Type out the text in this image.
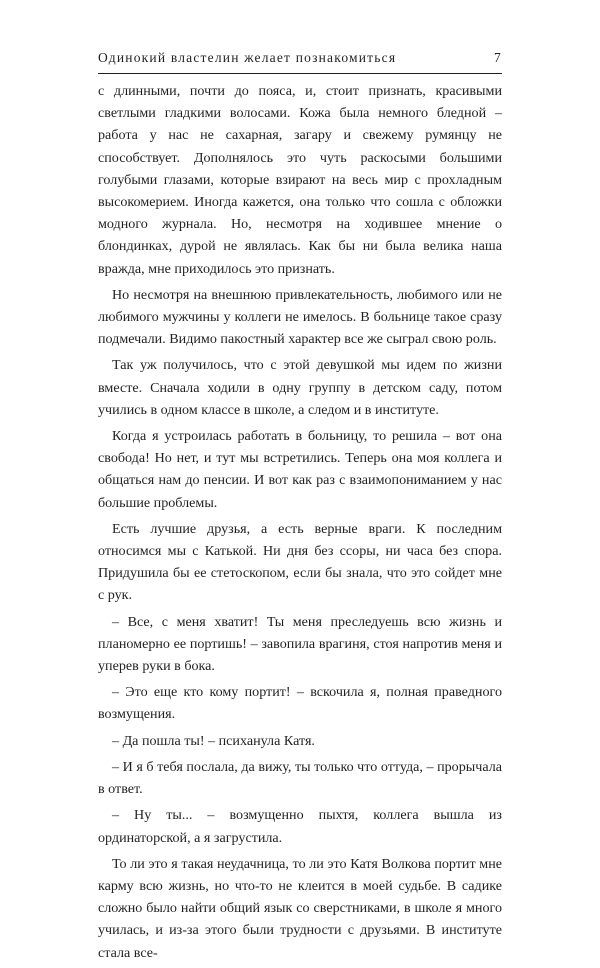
Одинокий властелин желает познакомиться	7

с длинными, почти до пояса, и, стоит признать, красивыми светлыми гладкими волосами. Кожа была немного бледной – работа у нас не сахарная, загару и свежему румянцу не способствует. Дополнялось это чуть раскосыми большими голубыми глазами, которые взирают на весь мир с прохладным высокомерием. Иногда кажется, она только что сошла с обложки модного журнала. Но, несмотря на ходившее мнение о блондинках, дурой не являлась. Как бы ни была велика наша вражда, мне приходилось это признать.

Но несмотря на внешнюю привлекательность, любимого или не любимого мужчины у коллеги не имелось. В больнице такое сразу подмечали. Видимо пакостный характер все же сыграл свою роль.

Так уж получилось, что с этой девушкой мы идем по жизни вместе. Сначала ходили в одну группу в детском саду, потом учились в одном классе в школе, а следом и в институте.

Когда я устроилась работать в больницу, то решила – вот она свобода! Но нет, и тут мы встретились. Теперь она моя коллега и общаться нам до пенсии. И вот как раз с взаимопониманием у нас большие проблемы.

Есть лучшие друзья, а есть верные враги. К последним относимся мы с Катькой. Ни дня без ссоры, ни часа без спора. Придушила бы ее стетоскопом, если бы знала, что это сойдет мне с рук.

– Все, с меня хватит! Ты меня преследуешь всю жизнь и планомерно ее портишь! – завопила врагиня, стоя напротив меня и уперев руки в бока.

– Это еще кто кому портит! – вскочила я, полная праведного возмущения.

– Да пошла ты! – психанула Катя.

– И я б тебя послала, да вижу, ты только что оттуда, – прорычала в ответ.

– Ну ты... – возмущенно пыхтя, коллега вышла из ординаторской, а я загрустила.

То ли это я такая неудачница, то ли это Катя Волкова портит мне карму всю жизнь, но что-то не клеится в моей судьбе. В садике сложно было найти общий язык со сверстниками, в школе я много училась, и из-за этого были трудности с друзьями. В институте стала все-
